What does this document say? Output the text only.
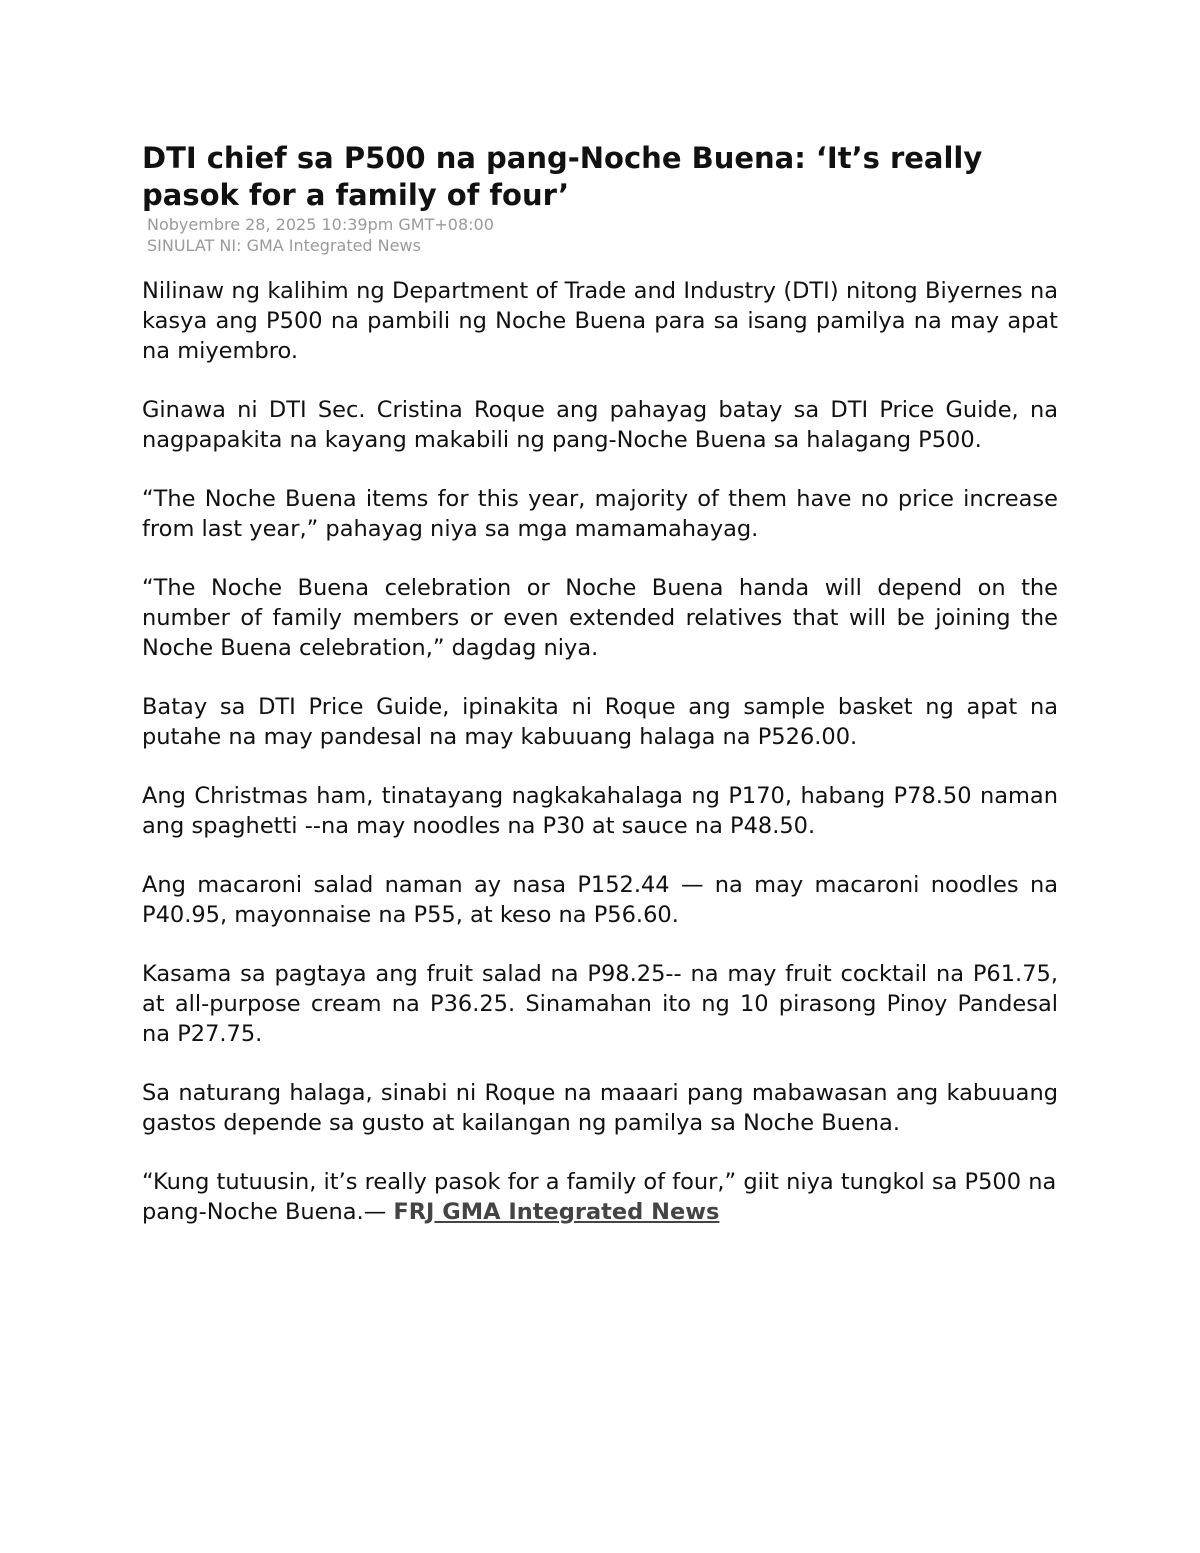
DTI chief sa P500 na pang-Noche Buena: ‘It’s really pasok for a family of four’
Nobyembre 28, 2025 10:39pm GMT+08:00
SINULAT NI: GMA Integrated News

Nilinaw ng kalihim ng Department of Trade and Industry (DTI) nitong Biyernes na kasya ang P500 na pambili ng Noche Buena para sa isang pamilya na may apat na miyembro.

Ginawa ni DTI Sec. Cristina Roque ang pahayag batay sa DTI Price Guide, na nagpapakita na kayang makabili ng pang-Noche Buena sa halagang P500.

“The Noche Buena items for this year, majority of them have no price increase from last year,” pahayag niya sa mga mamamahayag.

“The Noche Buena celebration or Noche Buena handa will depend on the number of family members or even extended relatives that will be joining the Noche Buena celebration,” dagdag niya.

Batay sa DTI Price Guide, ipinakita ni Roque ang sample basket ng apat na putahe na may pandesal na may kabuuang halaga na P526.00.

Ang Christmas ham, tinatayang nagkakahalaga ng P170, habang P78.50 naman ang spaghetti --na may noodles na P30 at sauce na P48.50.

Ang macaroni salad naman ay nasa P152.44 — na may macaroni noodles na P40.95, mayonnaise na P55, at keso na P56.60.

Kasama sa pagtaya ang fruit salad na P98.25-- na may fruit cocktail na P61.75, at all-purpose cream na P36.25. Sinamahan ito ng 10 pirasong Pinoy Pandesal na P27.75.

Sa naturang halaga, sinabi ni Roque na maaari pang mabawasan ang kabuuang gastos depende sa gusto at kailangan ng pamilya sa Noche Buena.

“Kung tutuusin, it’s really pasok for a family of four,” giit niya tungkol sa P500 na pang-Noche Buena.— FRJ GMA Integrated News
